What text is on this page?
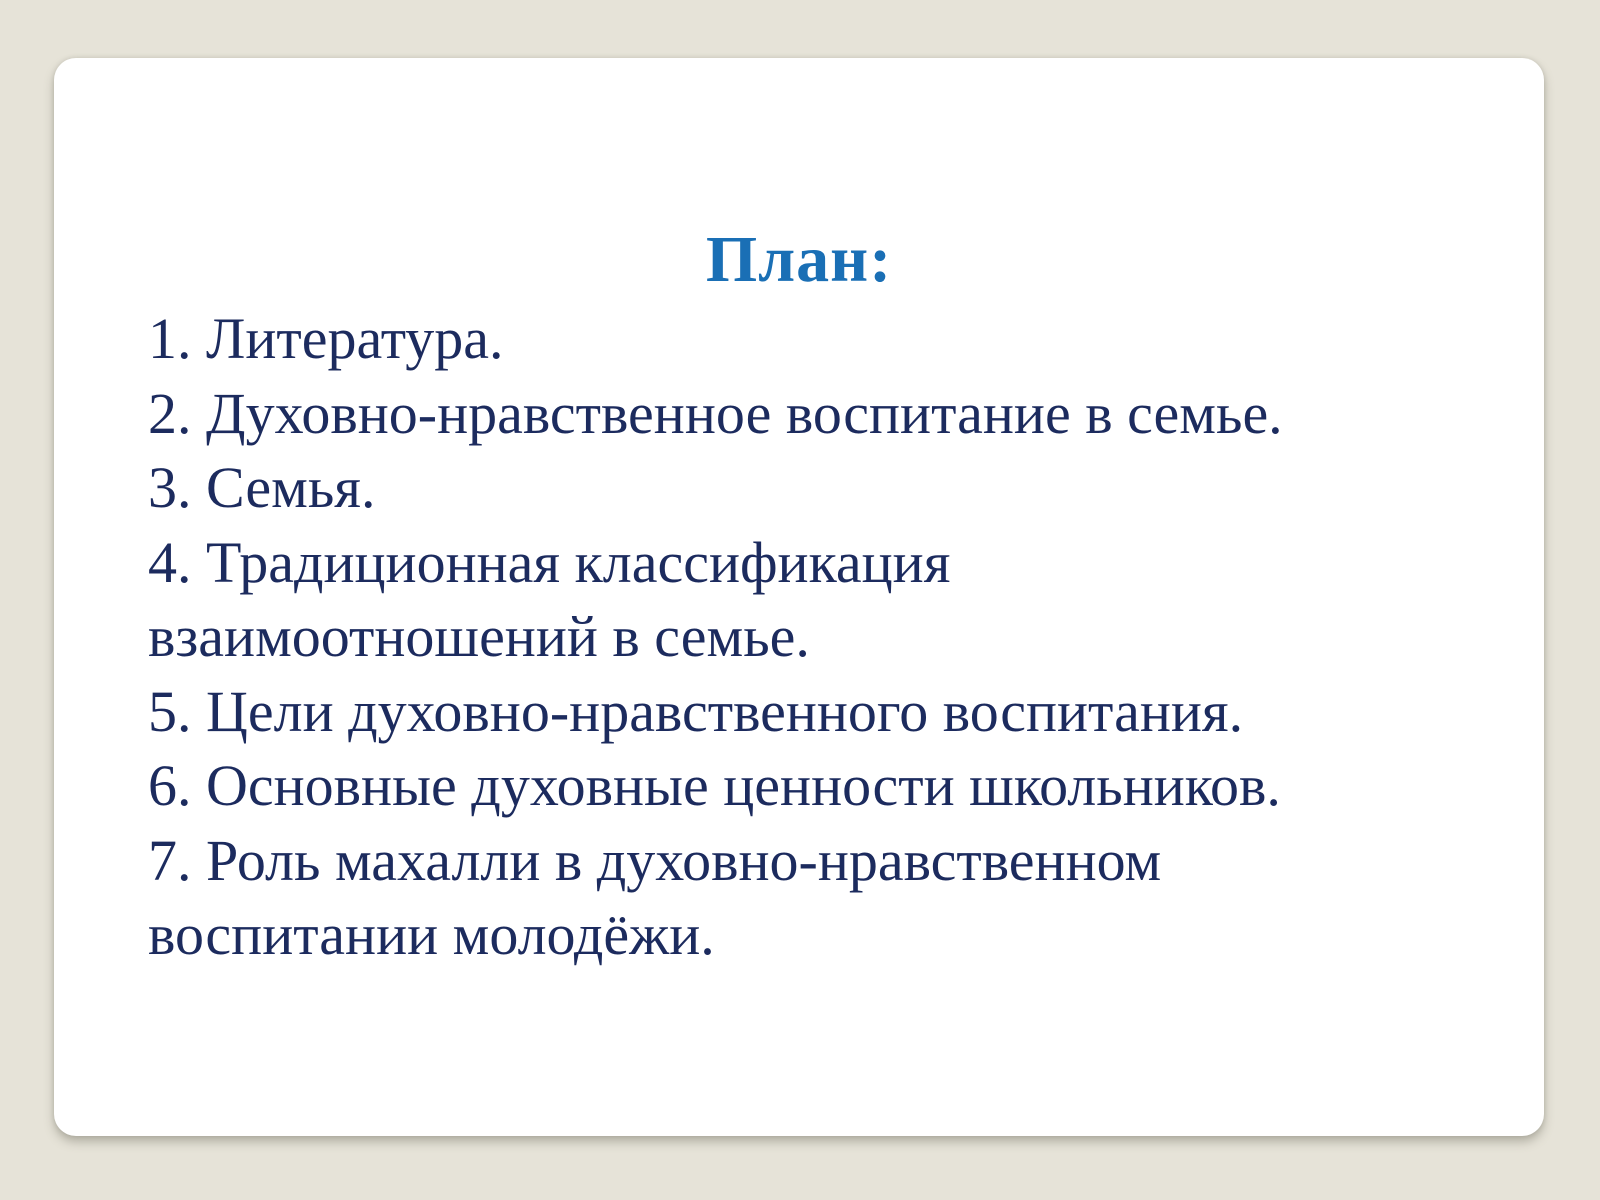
План:
1. Литература.
2. Духовно-нравственное воспитание в семье.
3. Семья.
4. Традиционная классификация взаимоотношений в семье.
5. Цели духовно-нравственного воспитания.
6. Основные духовные ценности школьников.
7. Роль махалли в духовно-нравственном воспитании молодёжи.
